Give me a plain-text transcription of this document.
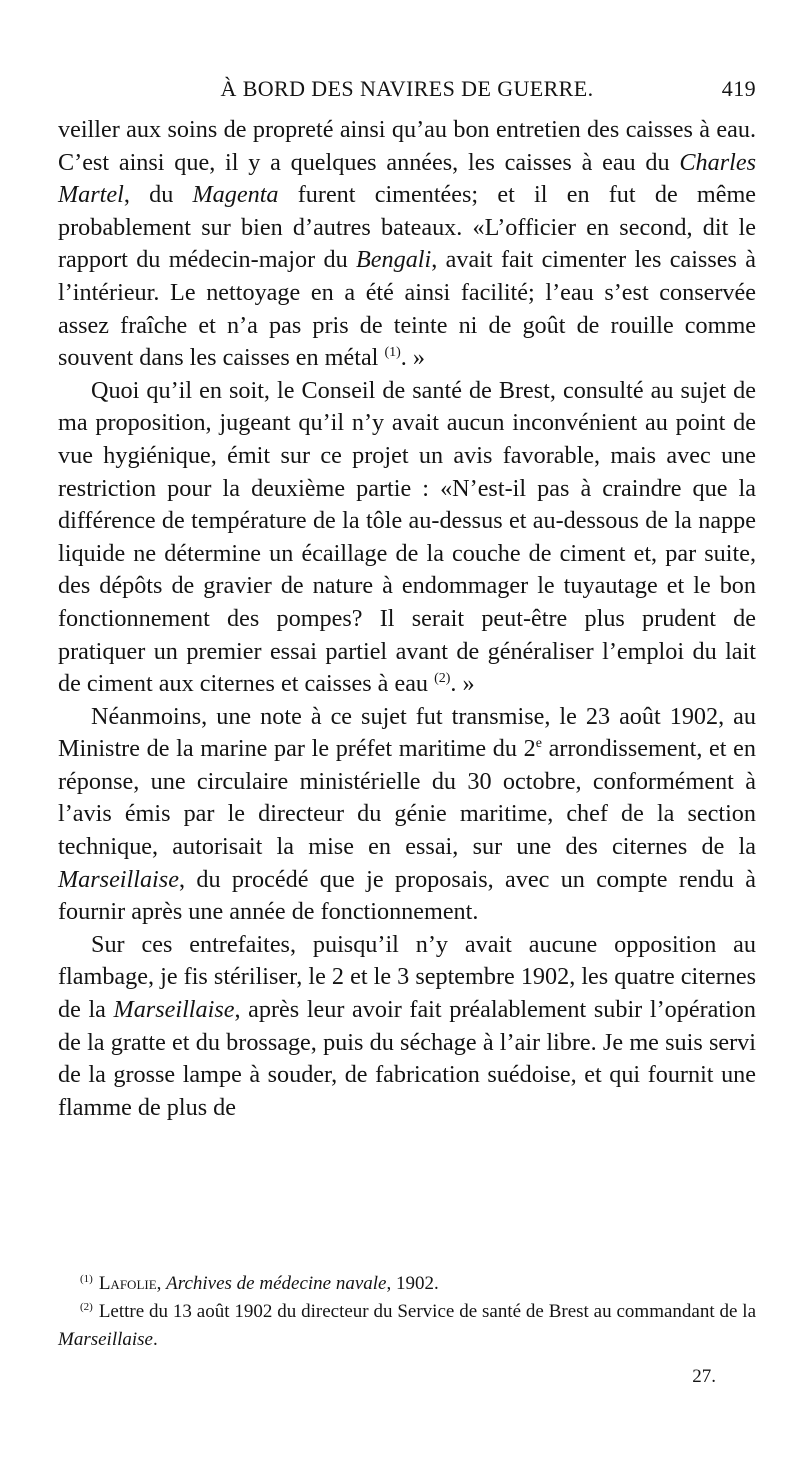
À BORD DES NAVIRES DE GUERRE.	419

veiller aux soins de propreté ainsi qu’au bon entretien des caisses à eau. C’est ainsi que, il y a quelques années, les caisses à eau du Charles Martel, du Magenta furent cimentées; et il en fut de même probablement sur bien d’autres bateaux. «L’officier en second, dit le rapport du médecin-major du Bengali, avait fait cimenter les caisses à l’intérieur. Le nettoyage en a été ainsi facilité; l’eau s’est conservée assez fraîche et n’a pas pris de teinte ni de goût de rouille comme souvent dans les caisses en métal $^{(1)}$. »

Quoi qu’il en soit, le Conseil de santé de Brest, consulté au sujet de ma proposition, jugeant qu’il n’y avait aucun inconvénient au point de vue hygiénique, émit sur ce projet un avis favorable, mais avec une restriction pour la deuxième partie : «N’est-il pas à craindre que la différence de température de la tôle au-dessus et au-dessous de la nappe liquide ne détermine un écaillage de la couche de ciment et, par suite, des dépôts de gravier de nature à endommager le tuyautage et le bon fonctionnement des pompes? Il serait peut-être plus prudent de pratiquer un premier essai partiel avant de généraliser l’emploi du lait de ciment aux citernes et caisses à eau $^{(2)}$. »

Néanmoins, une note à ce sujet fut transmise, le 23 août 1902, au Ministre de la marine par le préfet maritime du 2e arrondissement, et en réponse, une circulaire ministérielle du 30 octobre, conformément à l’avis émis par le directeur du génie maritime, chef de la section technique, autorisait la mise en essai, sur une des citernes de la Marseillaise, du procédé que je proposais, avec un compte rendu à fournir après une année de fonctionnement.

Sur ces entrefaites, puisqu’il n’y avait aucune opposition au flambage, je fis stériliser, le 2 et le 3 septembre 1902, les quatre citernes de la Marseillaise, après leur avoir fait préalablement subir l’opération de la gratte et du brossage, puis du séchage à l’air libre. Je me suis servi de la grosse lampe à souder, de fabrication suédoise, et qui fournit une flamme de plus de

$^{(1)}$ Lafolie, Archives de médecine navale, 1902.

$^{(2)}$ Lettre du 13 août 1902 du directeur du Service de santé de Brest au commandant de la Marseillaise.

27.
